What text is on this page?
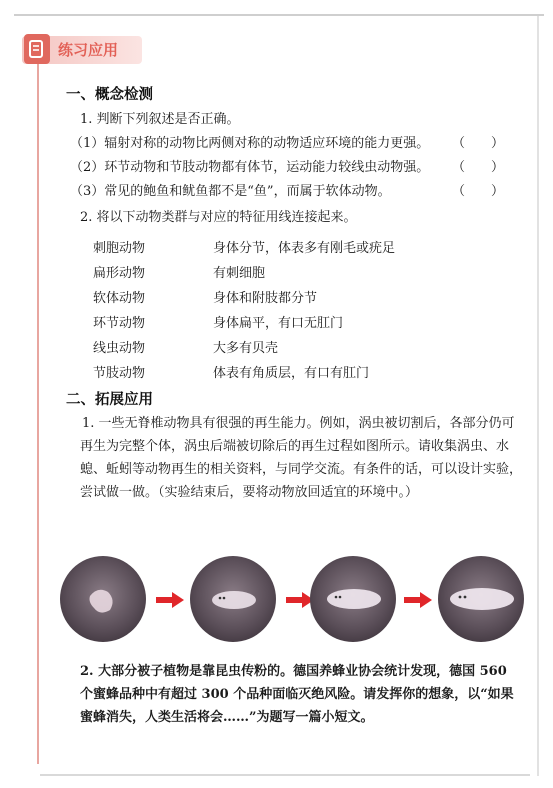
练习应用
一、概念检测
1. 判断下列叙述是否正确。
（1）辐射对称的动物比两侧对称的动物适应环境的能力更强。 （　　）
（2）环节动物和节肢动物都有体节，运动能力较线虫动物强。 （　　）
（3）常见的鲍鱼和鱿鱼都不是“鱼”，而属于软体动物。	（　　）
2. 将以下动物类群与对应的特征用线连接起来。
刺胞动物	身体分节，体表多有刚毛或疣足
扁形动物	有刺细胞
软体动物	身体和附肢都分节
环节动物	身体扁平，有口无肛门
线虫动物	大多有贝壳
节肢动物	体表有角质层，有口有肛门
二、拓展应用
1. 一些无脊椎动物具有很强的再生能力。例如，涡虫被切割后，各部分仍可再生为完整个体，涡虫后端被切除后的再生过程如图所示。请收集涡虫、水螅、蚯蚓等动物再生的相关资料，与同学交流。有条件的话，可以设计实验，尝试做一做。（实验结束后，要将动物放回适宜的环境中。）
2. 大部分被子植物是靠昆虫传粉的。德国养蜂业协会统计发现，德国 560 个蜜蜂品种中有超过 300 个品种面临灭绝风险。请发挥你的想象，以“如果蜜蜂消失，人类生活将会……”为题写一篇小短文。
